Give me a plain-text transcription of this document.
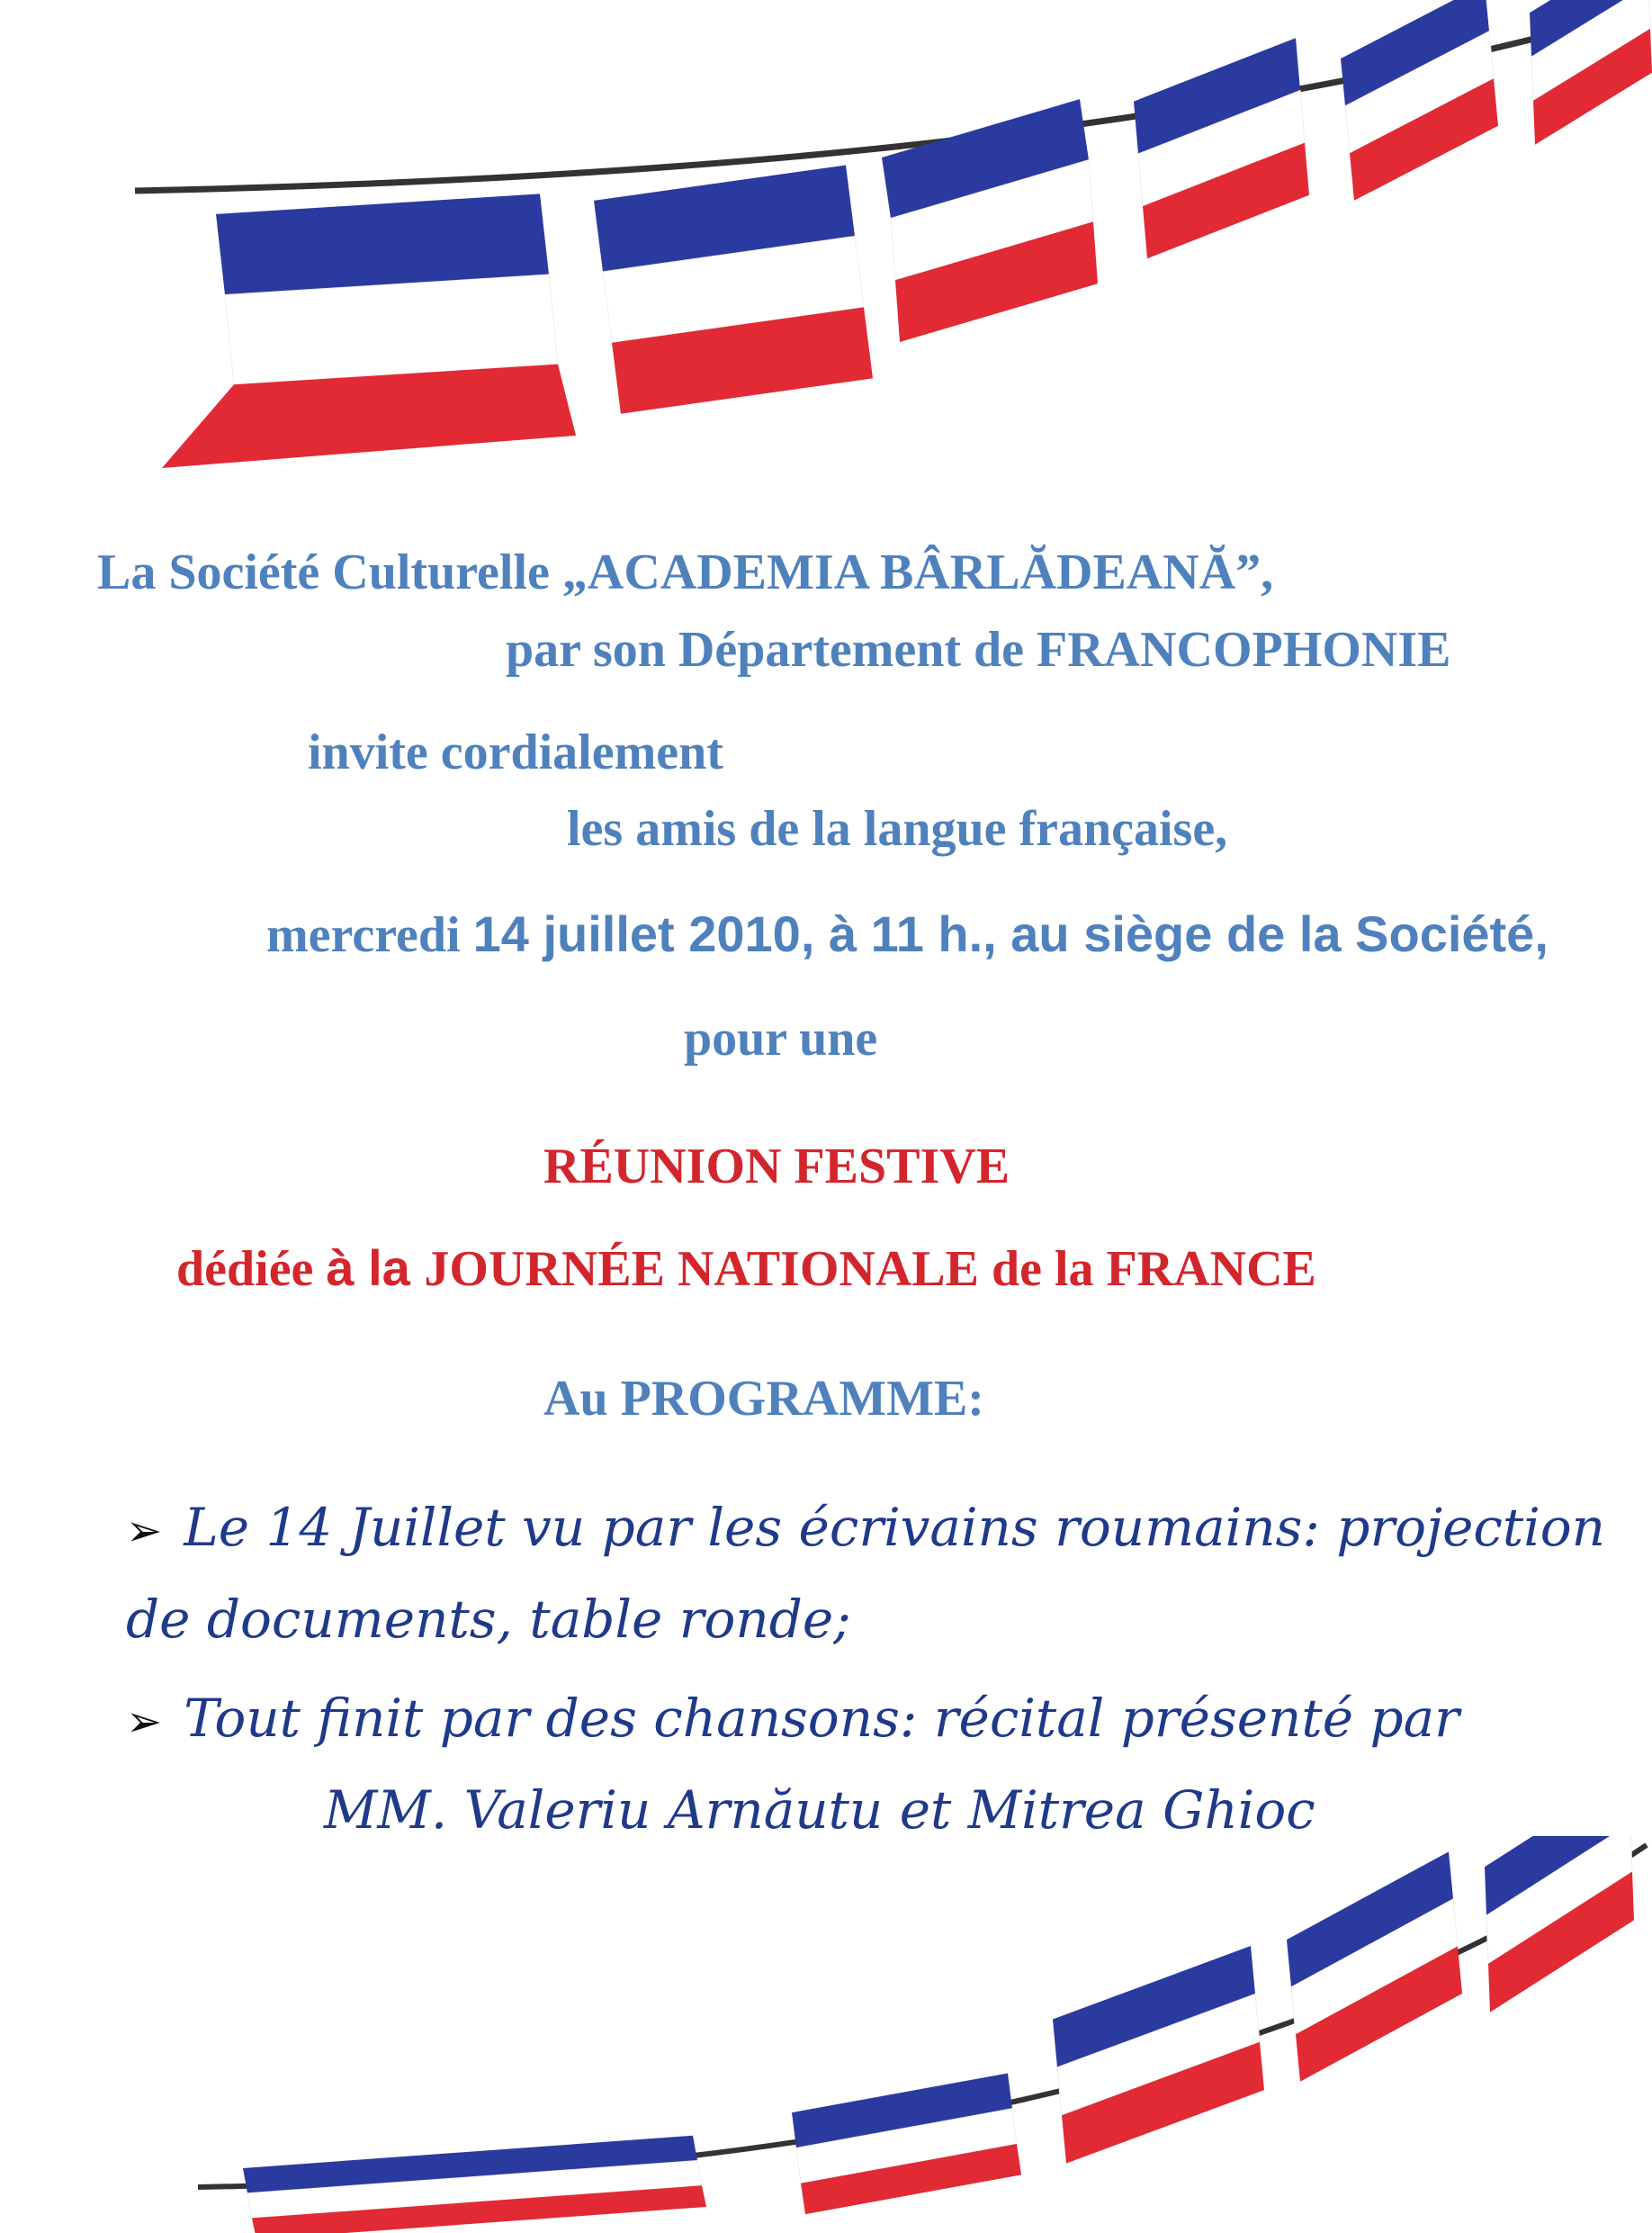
La Société Culturelle „ACADEMIA BÂRLĂDEANĂ”,

par son Département de FRANCOPHONIE

invite cordialement

les amis de la langue française,

mercredi 14 juillet 2010, à 11 h., au siège de la Société,

pour une

RÉUNION FESTIVE

dédiée à la JOURNÉE NATIONALE de la FRANCE

Au PROGRAMME:

➢ Le 14 Juillet vu par les écrivains roumains: projection

de documents, table ronde;

➢ Tout finit par des chansons: récital présenté par

MM. Valeriu Arnăutu et Mitrea Ghioc
